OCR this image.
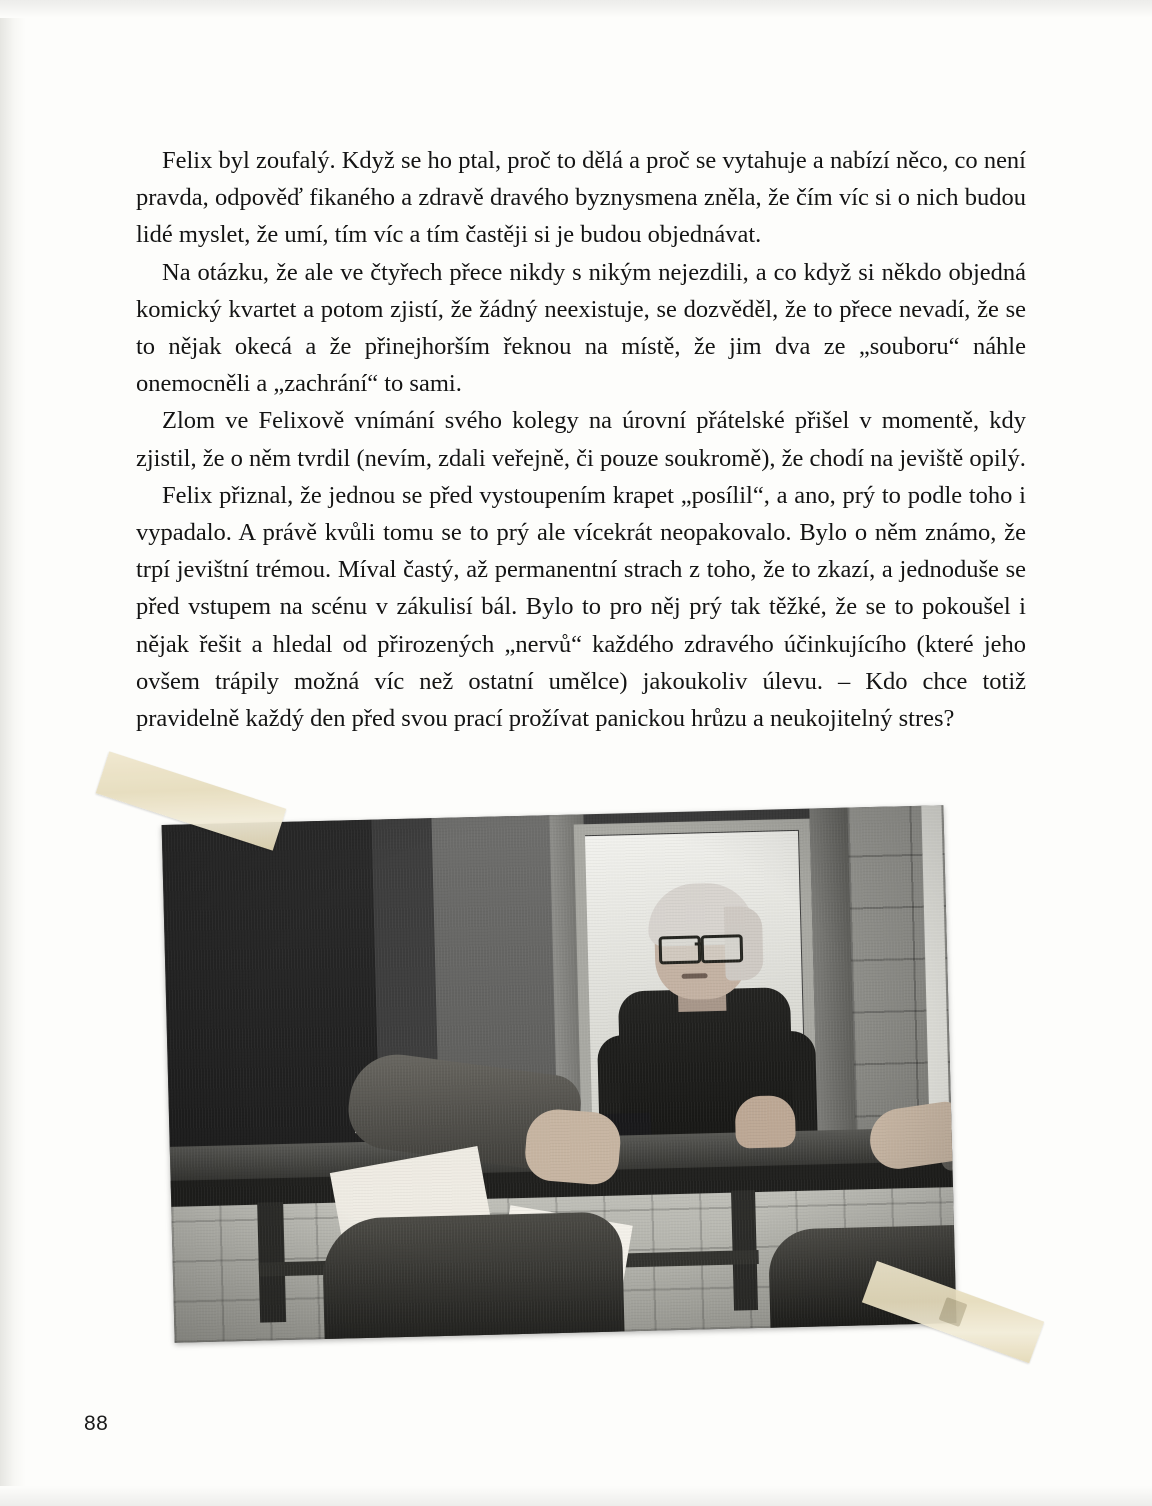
Felix byl zoufalý. Když se ho ptal, proč to dělá a proč se vytahuje a nabízí něco, co není pravda, odpověď fikaného a zdravě dravého byznysmena zněla, že čím víc si o nich budou lidé myslet, že umí, tím víc a tím častěji si je budou objednávat.

Na otázku, že ale ve čtyřech přece nikdy s nikým nejezdili, a co když si někdo objedná komický kvartet a potom zjistí, že žádný neexistuje, se dozvěděl, že to přece nevadí, že se to nějak okecá a že přinejhorším řeknou na místě, že jim dva ze „souboru“ náhle onemocněli a „zachrání“ to sami.

Zlom ve Felixově vnímání svého kolegy na úrovní přátelské přišel v momentě, kdy zjistil, že o něm tvrdil (nevím, zdali veřejně, či pouze soukromě), že chodí na jeviště opilý.

Felix přiznal, že jednou se před vystoupením krapet „posílil“, a ano, prý to podle toho i vypadalo. A právě kvůli tomu se to prý ale vícekrát neopakovalo. Bylo o něm známo, že trpí jevištní trémou. Míval častý, až permanentní strach z toho, že to zkazí, a jednoduše se před vstupem na scénu v zákulisí bál. Bylo to pro něj prý tak těžké, že se to pokoušel i nějak řešit a hledal od přirozených „nervů“ každého zdravého účinkujícího (které jeho ovšem trápily možná víc než ostatní umělce) jakoukoliv úlevu. – Kdo chce totiž pravidelně každý den před svou prací prožívat panickou hrůzu a neukojitelný stres?

88
